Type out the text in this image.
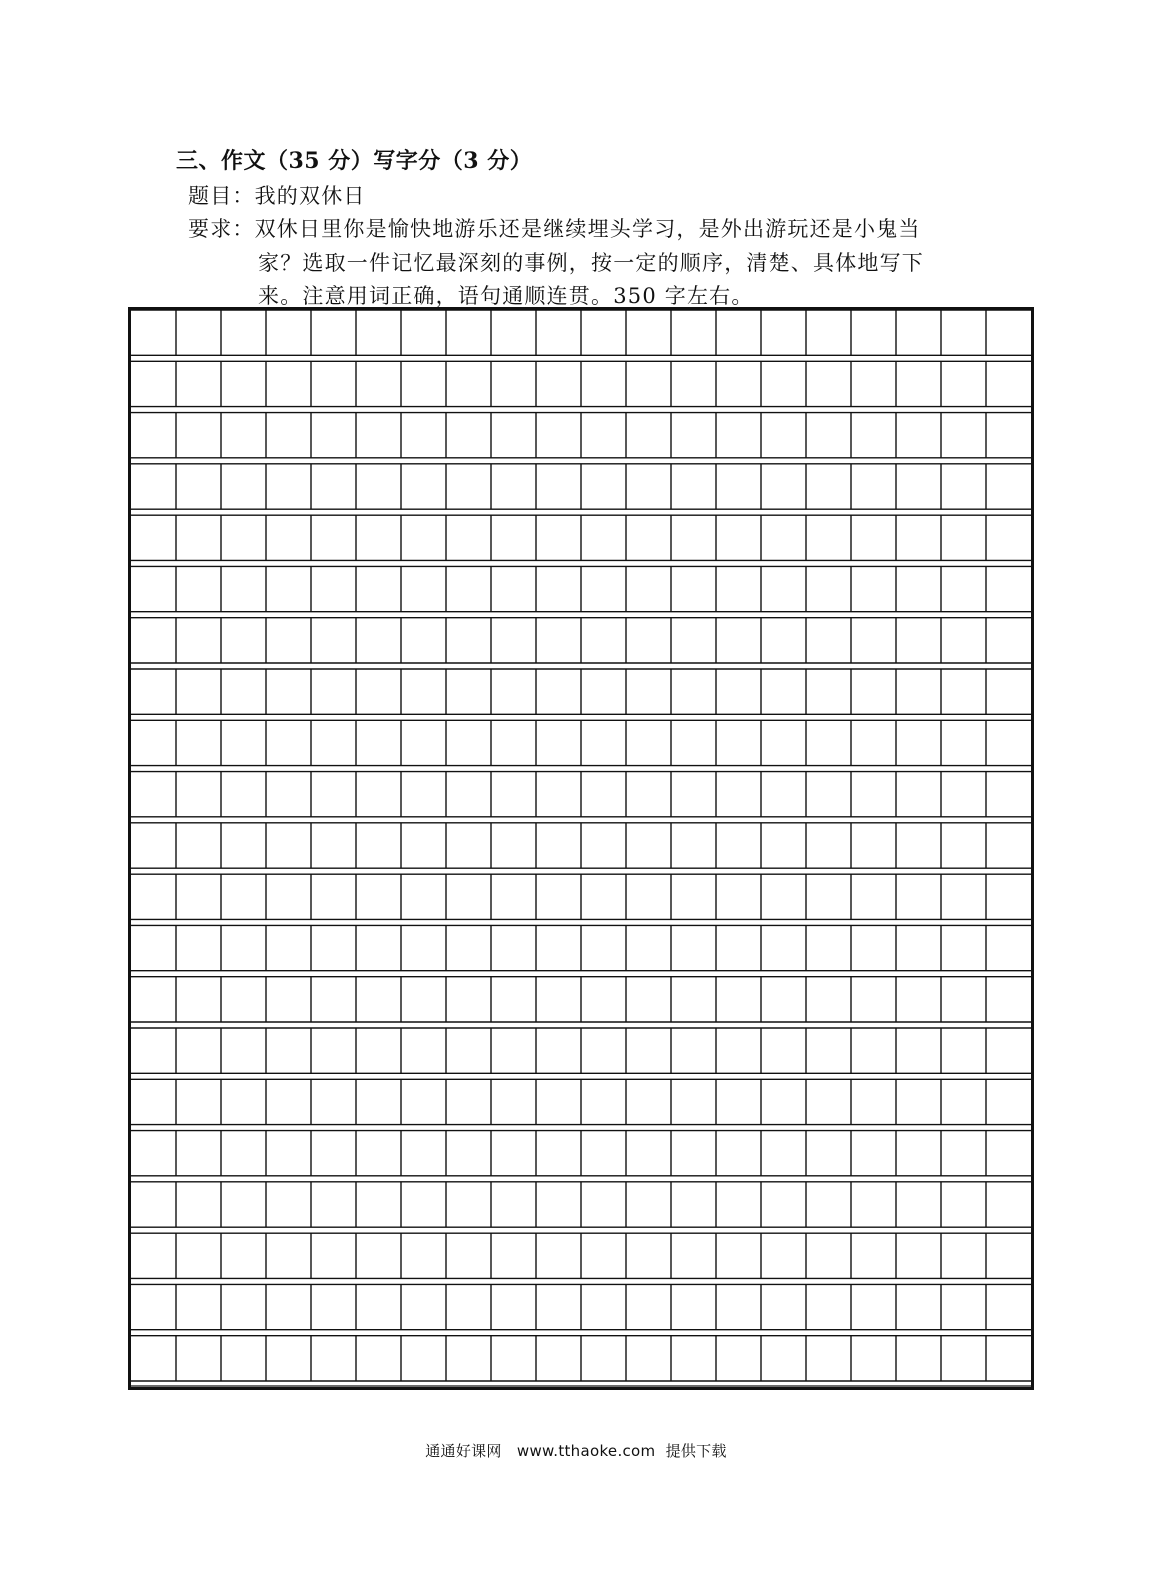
三、作文（35 分）写字分（3 分）
题目：我的双休日
要求：双休日里你是愉快地游乐还是继续埋头学习，是外出游玩还是小鬼当
家？选取一件记忆最深刻的事例，按一定的顺序，清楚、具体地写下
来。注意用词正确，语句通顺连贯。350 字左右。
通通好课网   www.tthaoke.com  提供下载
